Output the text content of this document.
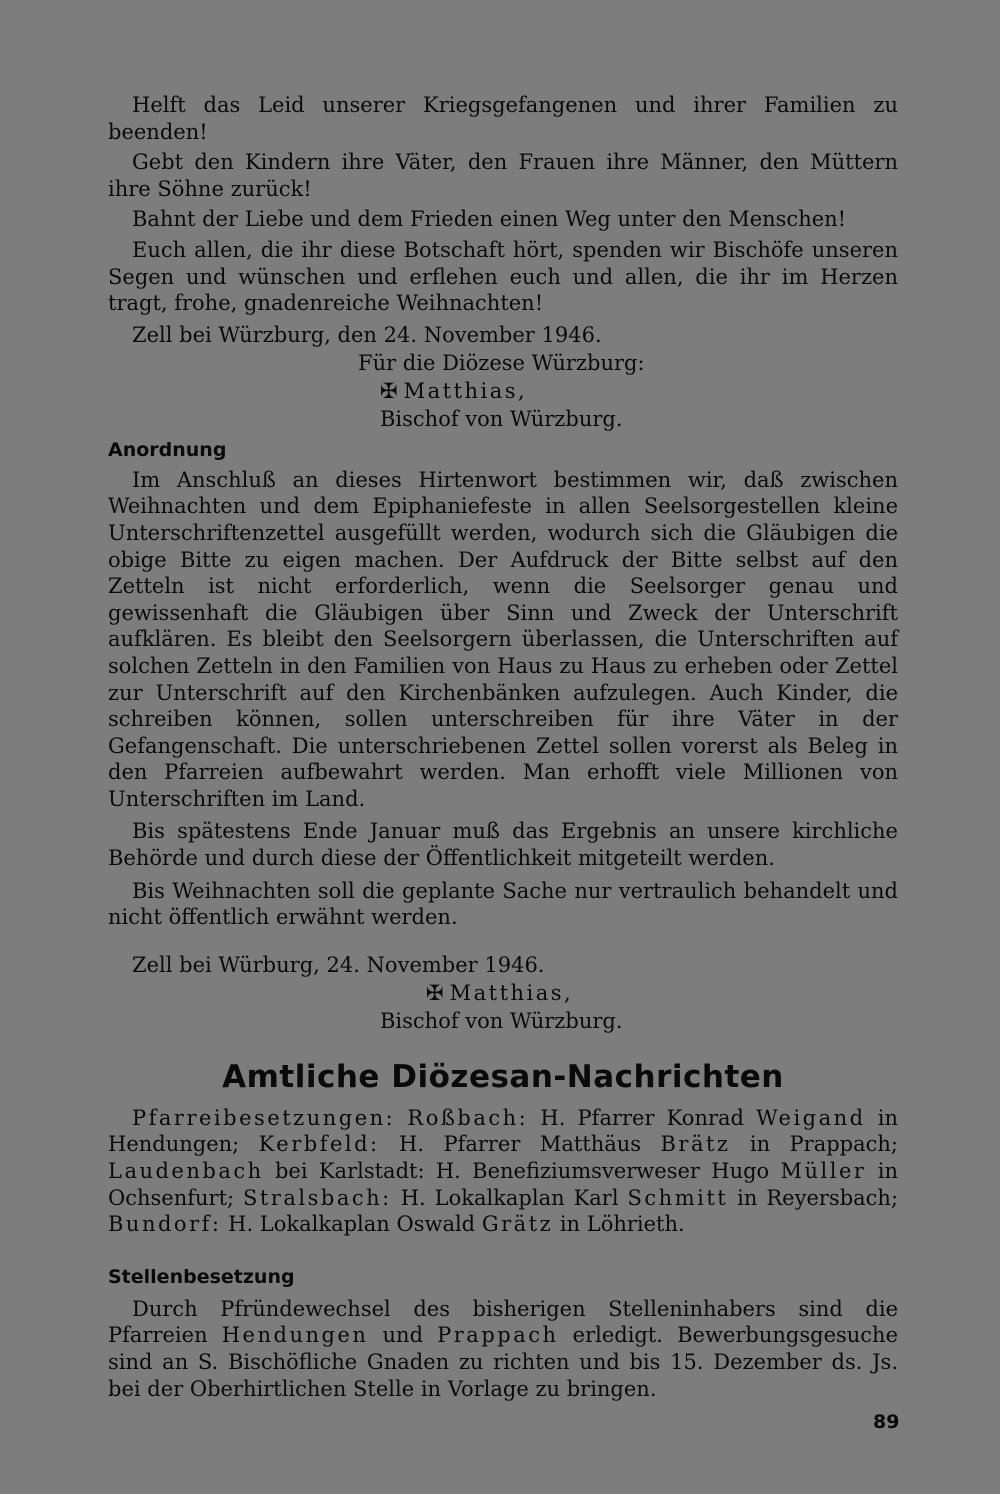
Helft das Leid unserer Kriegsgefangenen und ihrer Familien zu beenden!

Gebt den Kindern ihre Väter, den Frauen ihre Männer, den Müttern ihre Söhne zurück!

Bahnt der Liebe und dem Frieden einen Weg unter den Menschen!

Euch allen, die ihr diese Botschaft hört, spenden wir Bischöfe unseren Segen und wünschen und erflehen euch und allen, die ihr im Herzen tragt, frohe, gnadenreiche Weihnachten!

Zell bei Würzburg, den 24. November 1946.
Für die Diözese Würzburg:
✠ Matthias,
Bischof von Würzburg.
Anordnung

Im Anschluß an dieses Hirtenwort bestimmen wir, daß zwischen Weihnachten und dem Epiphaniefeste in allen Seelsorgestellen kleine Unterschriftenzettel ausgefüllt werden, wodurch sich die Gläubigen die obige Bitte zu eigen machen. Der Aufdruck der Bitte selbst auf den Zetteln ist nicht erforderlich, wenn die Seelsorger genau und gewissenhaft die Gläubigen über Sinn und Zweck der Unterschrift aufklären. Es bleibt den Seelsorgern überlassen, die Unterschriften auf solchen Zetteln in den Familien von Haus zu Haus zu erheben oder Zettel zur Unterschrift auf den Kirchenbänken aufzulegen. Auch Kinder, die schreiben können, sollen unterschreiben für ihre Väter in der Gefangenschaft. Die unterschriebenen Zettel sollen vorerst als Beleg in den Pfarreien aufbewahrt werden. Man erhofft viele Millionen von Unterschriften im Land.

Bis spätestens Ende Januar muß das Ergebnis an unsere kirchliche Behörde und durch diese der Öffentlichkeit mitgeteilt werden.

Bis Weihnachten soll die geplante Sache nur vertraulich behandelt und nicht öffentlich erwähnt werden.

Zell bei Würburg, 24. November 1946.
✠ Matthias,
Bischof von Würzburg.
Amtliche Diözesan-Nachrichten

Pfarreibesetzungen: Roßbach: H. Pfarrer Konrad Weigand in Hendungen; Kerbfeld: H. Pfarrer Matthäus Brätz in Prappach; Laudenbach bei Karlstadt: H. Benefiziumsverweser Hugo Müller in Ochsenfurt; Stralsbach: H. Lokalkaplan Karl Schmitt in Reyersbach; Bundorf: H. Lokalkaplan Oswald Grätz in Löhrieth.

Stellenbesetzung

Durch Pfründewechsel des bisherigen Stelleninhabers sind die Pfarreien Hendungen und Prappach erledigt. Bewerbungsgesuche sind an S. Bischöfliche Gnaden zu richten und bis 15. Dezember ds. Js. bei der Oberhirtlichen Stelle in Vorlage zu bringen.

89
